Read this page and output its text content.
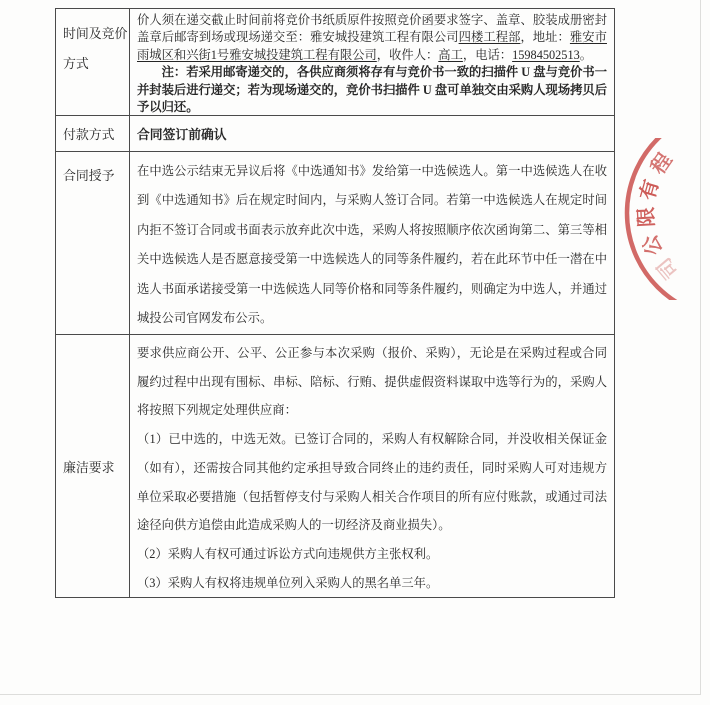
时间及竞价方式

价人须在递交截止时间前将竞价书纸质原件按照竞价函要求签字、盖章、胶装成册密封盖章后邮寄到场或现场递交至：雅安城投建筑工程有限公司四楼工程部，地址：雅安市雨城区和兴街1号雅安城投建筑工程有限公司，收件人：高工，电话：15984502513。

注：若采用邮寄递交的，各供应商须将存有与竞价书一致的扫描件 U 盘与竞价书一并封装后进行递交；若为现场递交的，竞价书扫描件 U 盘可单独交由采购人现场拷贝后予以归还。

付款方式	合同签订前确认
合同授予	在中选公示结束无异议后将《中选通知书》发给第一中选候选人。第一中选候选人在收到《中选通知书》后在规定时间内，与采购人签订合同。若第一中选候选人在规定时间内拒不签订合同或书面表示放弃此次中选，采购人将按照顺序依次函询第二、第三等相关中选候选人是否愿意接受第一中选候选人的同等条件履约，若在此环节中任一潜在中选人书面承诺接受第一中选候选人同等价格和同等条件履约，则确定为中选人，并通过城投公司官网发布公示。

廉洁要求

要求供应商公开、公平、公正参与本次采购（报价、采购），无论是在采购过程或合同履约过程中出现有围标、串标、陪标、行贿、提供虚假资料谋取中选等行为的，采购人将按照下列规定处理供应商：

（1）已中选的，中选无效。已签订合同的，采购人有权解除合同，并没收相关保证金（如有），还需按合同其他约定承担导致合同终止的违约责任，同时采购人可对违规方单位采取必要措施（包括暂停支付与采购人相关合作项目的所有应付账款，或通过司法途径向供方追偿由此造成采购人的一切经济及商业损失）。

（2）采购人有权可通过诉讼方式向违规供方主张权利。

（3）采购人有权将违规单位列入采购人的黑名单三年。

程
有
限
公
司
